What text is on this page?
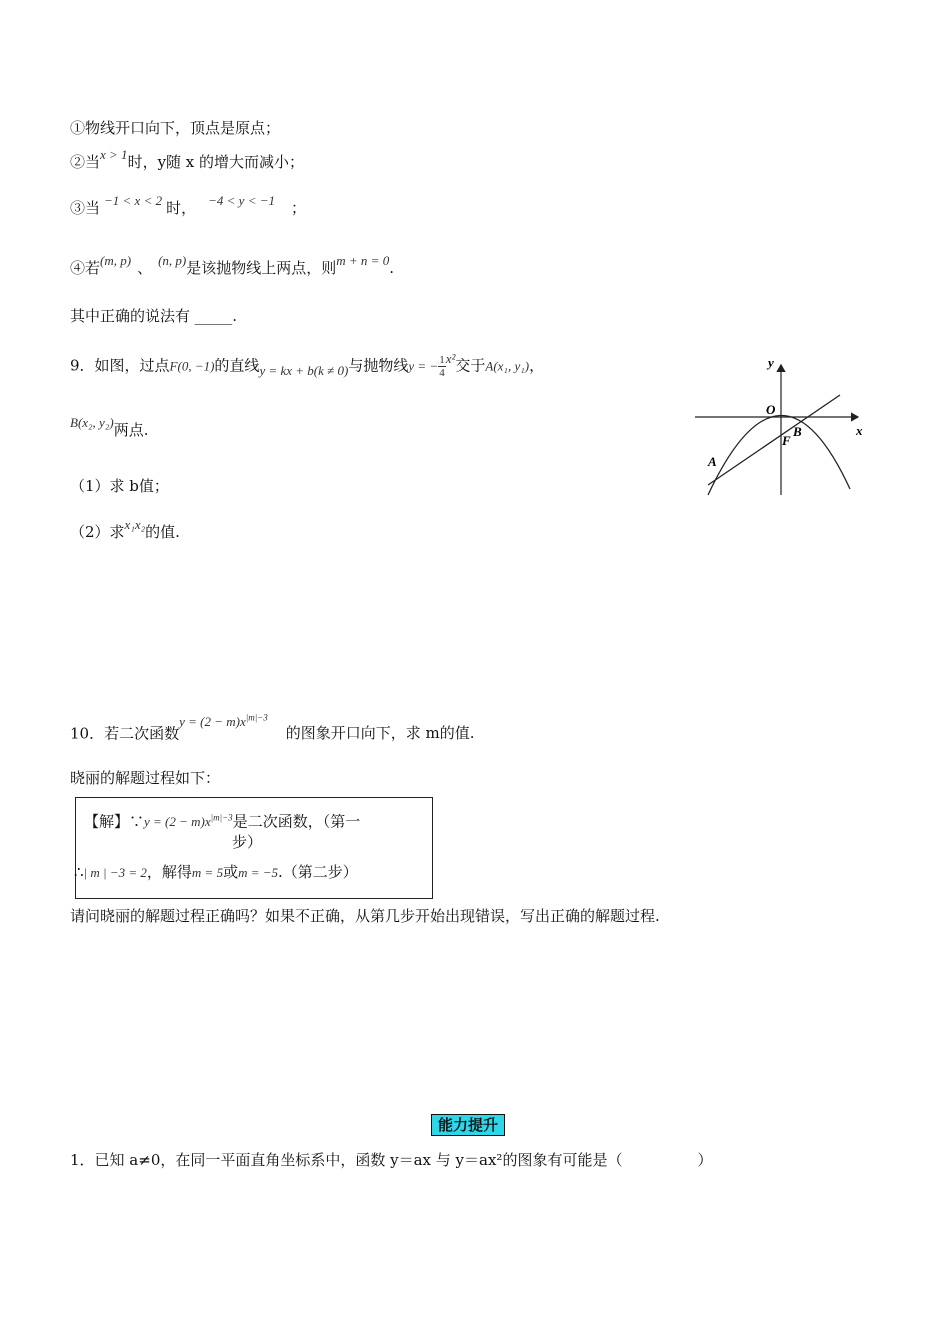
①物线开口向下，顶点是原点；
②当x > 1时，y随 x 的增大而减小；
③当 −1 < x < 2 时， −4 < y < −1 ；
④若(m, p) 、 (n, p)是该抛物线上两点，则m + n = 0.
其中正确的说法有 _____.
9．如图，过点F(0, −1)的直线y = kx + b(k ≠ 0)与抛物线y = − $\frac{1}{4} x^2$交于A(x₁, y₁)，
B(x₂, y₂)两点.
（1）求 b值；
（2）求x₁x₂的值.
y
x
O
B
F
A
10．若二次函数$y = (2 - m)x^{|m|-3}$的图象开口向下，求 m的值.
晓丽的解题过程如下：
【解】∵y = $(2 - m)x^{|m|-3}$是二次函数，（第一
步）
∴| m | −3 = 2，解得m = 5或m = −5.（第二步）
请问晓丽的解题过程正确吗？如果不正确，从第几步开始出现错误，写出正确的解题过程.
能力提升
1．已知 a≠0，在同一平面直角坐标系中，函数 y＝ax 与 y＝ax²的图象有可能是（　　　　　）
